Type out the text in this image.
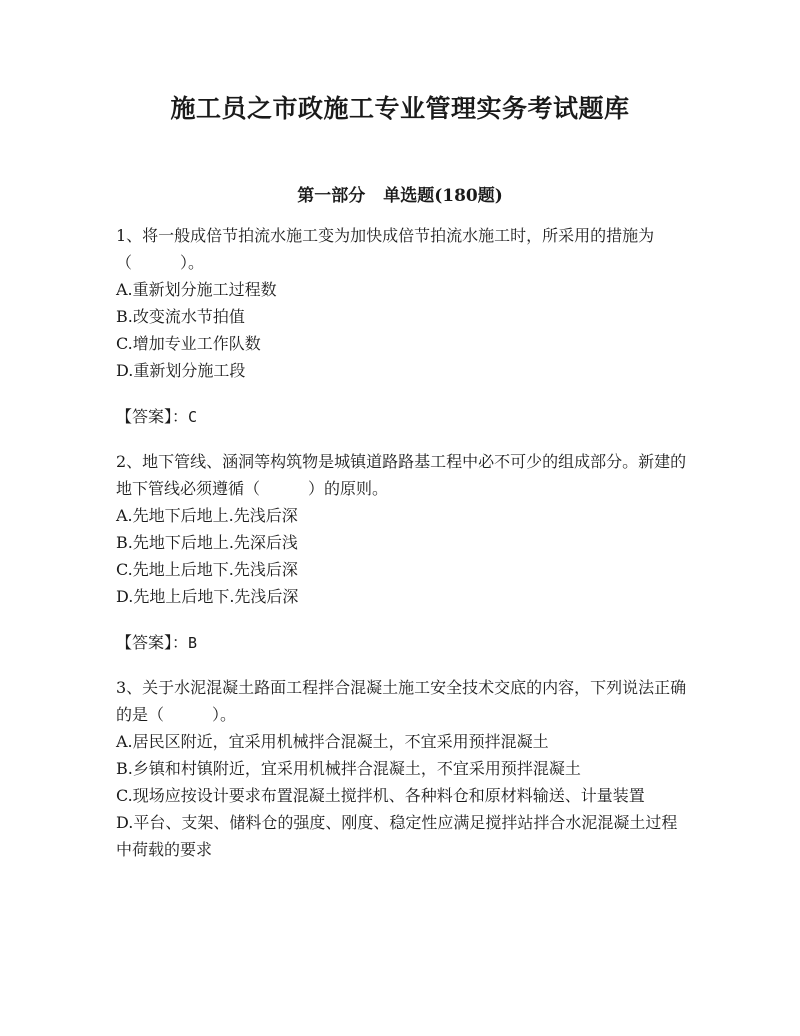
施工员之市政施工专业管理实务考试题库
第一部分 单选题(180题)

1、将一般成倍节拍流水施工变为加快成倍节拍流水施工时，所采用的措施为（　　　）。

A.重新划分施工过程数
B.改变流水节拍值
C.增加专业工作队数
D.重新划分施工段
【答案】：C

2、地下管线、涵洞等构筑物是城镇道路路基工程中必不可少的组成部分。新建的地下管线必须遵循（　　　）的原则。

A.先地下后地上.先浅后深
B.先地下后地上.先深后浅
C.先地上后地下.先浅后深
D.先地上后地下.先浅后深
【答案】：B

3、关于水泥混凝土路面工程拌合混凝土施工安全技术交底的内容，下列说法正确的是（　　　）。

A.居民区附近，宜采用机械拌合混凝土，不宜采用预拌混凝土
B.乡镇和村镇附近，宜采用机械拌合混凝土，不宜采用预拌混凝土
C.现场应按设计要求布置混凝土搅拌机、各种料仓和原材料输送、计量装置
D.平台、支架、储料仓的强度、刚度、稳定性应满足搅拌站拌合水泥混凝土过程中荷载的要求
